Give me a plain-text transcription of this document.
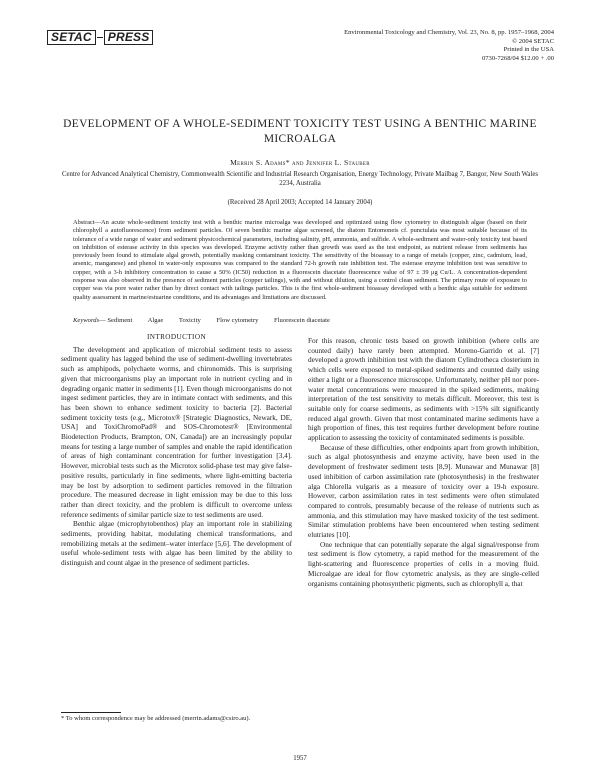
SETAC PRESS	Environmental Toxicology and Chemistry, Vol. 23, No. 8, pp. 1957–1968, 2004
© 2004 SETAC
Printed in the USA
0730-7268/04 $12.00 + .00
DEVELOPMENT OF A WHOLE-SEDIMENT TOXICITY TEST USING A BENTHIC MARINE MICROALGA
Merrin S. Adams* and Jennifer L. Stauber
Centre for Advanced Analytical Chemistry, Commonwealth Scientific and Industrial Research Organisation, Energy Technology, Private Mailbag 7, Bangor, New South Wales 2234, Australia
(Received 28 April 2003; Accepted 14 January 2004)
Abstract—An acute whole-sediment toxicity test with a benthic marine microalga was developed and optimized using flow cytometry to distinguish algae (based on their chlorophyll a autofluorescence) from sediment particles. Of seven benthic marine algae screened, the diatom Entomoneis cf. punctulata was most suitable because of its tolerance of a wide range of water and sediment physicochemical parameters, including salinity, pH, ammonia, and sulfide. A whole-sediment and water-only toxicity test based on inhibition of esterase activity in this species was developed. Enzyme activity rather than growth was used as the test endpoint, as nutrient release from sediments has previously been found to stimulate algal growth, potentially masking contaminant toxicity. The sensitivity of the bioassay to a range of metals (copper, zinc, cadmium, lead, arsenic, manganese) and phenol in water-only exposures was compared to the standard 72-h growth rate inhibition test. The esterase enzyme inhibition test was sensitive to copper, with a 3-h inhibitory concentration to cause a 50% (IC50) reduction in a fluorescein diacetate fluorescence value of 97 ± 39 μg Cu/L. A concentration-dependent response was also observed in the presence of sediment particles (copper tailings), with and without dilution, using a control clean sediment. The primary route of exposure to copper was via pore water rather than by direct contact with tailings particles. This is the first whole-sediment bioassay developed with a benthic alga suitable for sediment quality assessment in marine/estuarine conditions, and its advantages and limitations are discussed.
Keywords— Sediment Algae Toxicity Flow cytometry Fluorescein diacetate
INTRODUCTION

The development and application of microbial sediment tests to assess sediment quality has lagged behind the use of sediment-dwelling invertebrates such as amphipods, polychaete worms, and chironomids. This is surprising given that microorganisms play an important role in nutrient cycling and in degrading organic matter in sediments [1]. Even though microorganisms do not ingest sediment particles, they are in intimate contact with sediments, and this has been shown to enhance sediment toxicity to bacteria [2]. Bacterial sediment toxicity tests (e.g., Microtox® [Strategic Diagnostics, Newark, DE, USA] and ToxiChromoPad® and SOS-Chromotest® [Environmental Biodetection Products, Brampton, ON, Canada]) are an increasingly popular means for testing a large number of samples and enable the rapid identification of areas of high contaminant concentration for further investigation [3,4]. However, microbial tests such as the Microtox solid-phase test may give false-positive results, particularly in fine sediments, where light-emitting bacteria may be lost by adsorption to sediment particles removed in the filtration procedure. The measured decrease in light emission may be due to this loss rather than direct toxicity, and the problem is difficult to overcome unless reference sediments of similar particle size to test sediments are used.

Benthic algae (microphytobenthos) play an important role in stabilizing sediments, providing habitat, modulating chemical transformations, and remobilizing metals at the sediment–water interface [5,6]. The development of useful whole-sediment tests with algae has been limited by the ability to distinguish and count algae in the presence of sediment particles.

For this reason, chronic tests based on growth inhibition (where cells are counted daily) have rarely been attempted. Moreno-Garrido et al. [7] developed a growth inhibition test with the diatom Cylindrotheca closterium in which cells were exposed to metal-spiked sediments and counted daily using either a light or a fluorescence microscope. Unfortunately, neither pH nor pore-water metal concentrations were measured in the spiked sediments, making interpretation of the test sensitivity to metals difficult. Moreover, this test is suitable only for coarse sediments, as sediments with >15% silt significantly reduced algal growth. Given that most contaminated marine sediments have a high proportion of fines, this test requires further development before routine application to assessing the toxicity of contaminated sediments is possible.

Because of these difficulties, other endpoints apart from growth inhibition, such as algal photosynthesis and enzyme activity, have been used in the development of freshwater sediment tests [8,9]. Munawar and Munawar [8] used inhibition of carbon assimilation rate (photosynthesis) in the freshwater alga Chlorella vulgaris as a measure of toxicity over a 19-h exposure. However, carbon assimilation rates in test sediments were often stimulated compared to controls, presumably because of the release of nutrients such as ammonia, and this stimulation may have masked toxicity of the test sediment. Similar stimulation problems have been encountered when testing sediment elutriates [10].

One technique that can potentially separate the algal signal/response from test sediment is flow cytometry, a rapid method for the measurement of the light-scattering and fluorescence properties of cells in a moving fluid. Microalgae are ideal for flow cytometric analysis, as they are single-celled organisms containing photosynthetic pigments, such as chlorophyll a, that

* To whom correspondence may be addressed (merrin.adams@csiro.au).
1957
